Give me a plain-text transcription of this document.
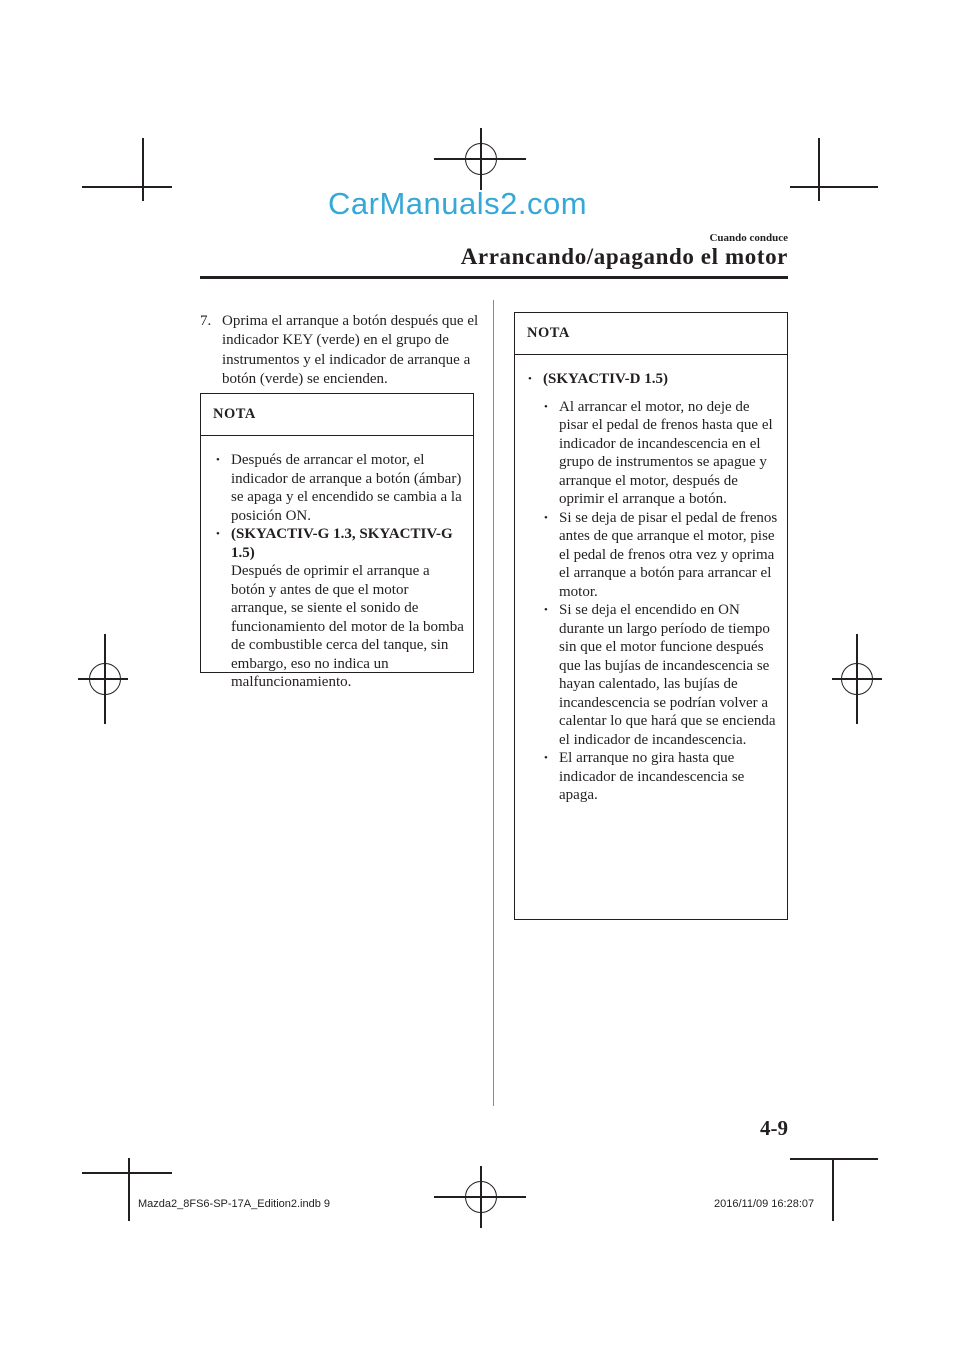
CarManuals2.com
Cuando conduce
Arrancando/apagando el motor
7. Oprima el arranque a botón después que el indicador KEY (verde) en el grupo de instrumentos y el indicador de arranque a botón (verde) se encienden.
NOTA
• Después de arrancar el motor, el indicador de arranque a botón (ámbar) se apaga y el encendido se cambia a la posición ON.
• (SKYACTIV-G 1.3, SKYACTIV-G 1.5)
Después de oprimir el arranque a botón y antes de que el motor arranque, se siente el sonido de funcionamiento del motor de la bomba de combustible cerca del tanque, sin embargo, eso no indica un malfuncionamiento.
NOTA
• (SKYACTIV-D 1.5)
• Al arrancar el motor, no deje de pisar el pedal de frenos hasta que el indicador de incandescencia en el grupo de instrumentos se apague y arranque el motor, después de oprimir el arranque a botón.
• Si se deja de pisar el pedal de frenos antes de que arranque el motor, pise el pedal de frenos otra vez y oprima el arranque a botón para arrancar el motor.
• Si se deja el encendido en ON durante un largo período de tiempo sin que el motor funcione después que las bujías de incandescencia se hayan calentado, las bujías de incandescencia se podrían volver a calentar lo que hará que se encienda el indicador de incandescencia.
• El arranque no gira hasta que indicador de incandescencia se apaga.
4-9
Mazda2_8FS6-SP-17A_Edition2.indb 9	2016/11/09 16:28:07
